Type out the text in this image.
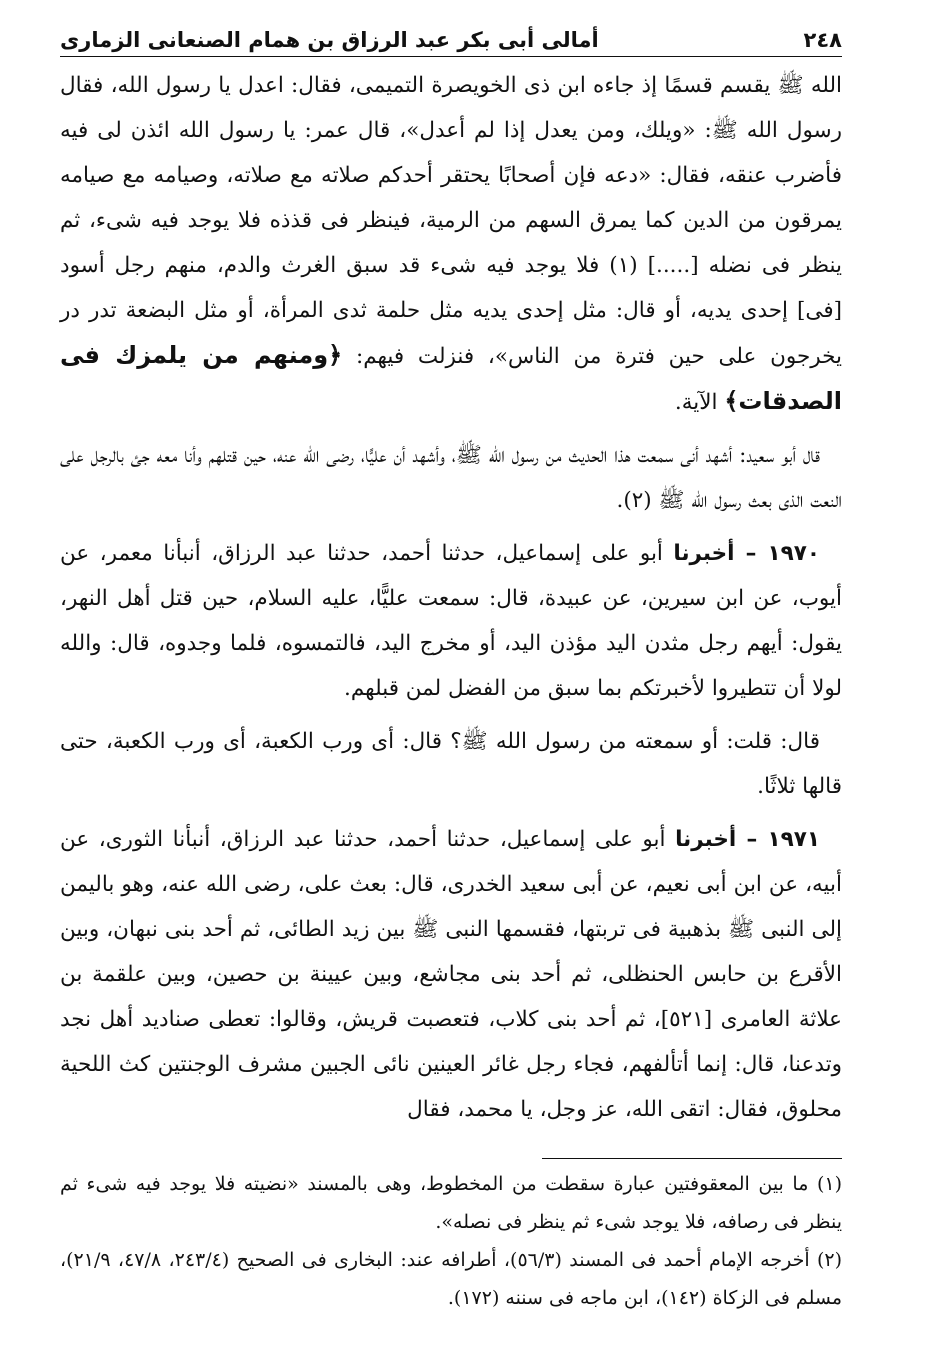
٢٤٨
أمالى أبى بكر عبد الرزاق بن همام الصنعانى الزمارى

الله ﷺ يقسم قسمًا إذ جاءه ابن ذى الخويصرة التميمى، فقال: اعدل يا رسول الله، فقال رسول الله ﷺ: «ويلك، ومن يعدل إذا لم أعدل»، قال عمر: يا رسول الله ائذن لى فيه فأضرب عنقه، فقال: «دعه فإن أصحابًا يحتقر أحدكم صلاته مع صلاته، وصيامه مع صيامه يمرقون من الدين كما يمرق السهم من الرمية، فينظر فى قذذه فلا يوجد فيه شىء، ثم ينظر فى نضله [.....] (١) فلا يوجد فيه شىء قد سبق الغرث والدم، منهم رجل أسود [فى] إحدى يديه، أو قال: مثل إحدى يديه مثل حلمة ثدى المرأة، أو مثل البضعة تدر در يخرجون على حين فترة من الناس»، فنزلت فيهم: ﴿ومنهم من يلمزك فى الصدقات﴾ الآية.

قال أبو سعيد: أشهد أنى سمعت هذا الحديث من رسول الله ﷺ، وأشهد أن عليًّا، رضى الله عنه، حين قتلهم وأنا معه جئ بالرجل على النعت الذى بعث رسول الله ﷺ (٢).

١٩٧٠ – أخبرنا أبو على إسماعيل، حدثنا أحمد، حدثنا عبد الرزاق، أنبأنا معمر، عن أيوب، عن ابن سيرين، عن عبيدة، قال: سمعت عليًّا، عليه السلام، حين قتل أهل النهر، يقول: أيهم رجل مثدن اليد مؤذن اليد، أو مخرج اليد، فالتمسوه، فلما وجدوه، قال: والله لولا أن تتطيروا لأخبرتكم بما سبق من الفضل لمن قبلهم.

قال: قلت: أو سمعته من رسول الله ﷺ؟ قال: أى ورب الكعبة، أى ورب الكعبة، حتى قالها ثلاثًا.

١٩٧١ – أخبرنا أبو على إسماعيل، حدثنا أحمد، حدثنا عبد الرزاق، أنبأنا الثورى، عن أبيه، عن ابن أبى نعيم، عن أبى سعيد الخدرى، قال: بعث على، رضى الله عنه، وهو باليمن إلى النبى ﷺ بذهبية فى تربتها، فقسمها النبى ﷺ بين زيد الطائى، ثم أحد بنى نبهان، وبين الأقرع بن حابس الحنظلى، ثم أحد بنى مجاشع، وبين عيينة بن حصين، وبين علقمة بن علاثة العامرى [٥٢١]، ثم أحد بنى كلاب، فتعصبت قريش، وقالوا: تعطى صناديد أهل نجد وتدعنا، قال: إنما أتألفهم، فجاء رجل غائر العينين نائى الجبين مشرف الوجنتين كث اللحية محلوق، فقال: اتقى الله، عز وجل، يا محمد، فقال

(١) ما بين المعقوفتين عبارة سقطت من المخطوط، وهى بالمسند «نضيته فلا يوجد فيه شىء ثم ينظر فى رصافه، فلا يوجد شىء ثم ينظر فى نصله».

(٢) أخرجه الإمام أحمد فى المسند (٥٦/٣)، أطرافه عند: البخارى فى الصحيح (٢٤٣/٤، ٤٧/٨، ٢١/٩)، مسلم فى الزكاة (١٤٢)، ابن ماجه فى سننه (١٧٢).
